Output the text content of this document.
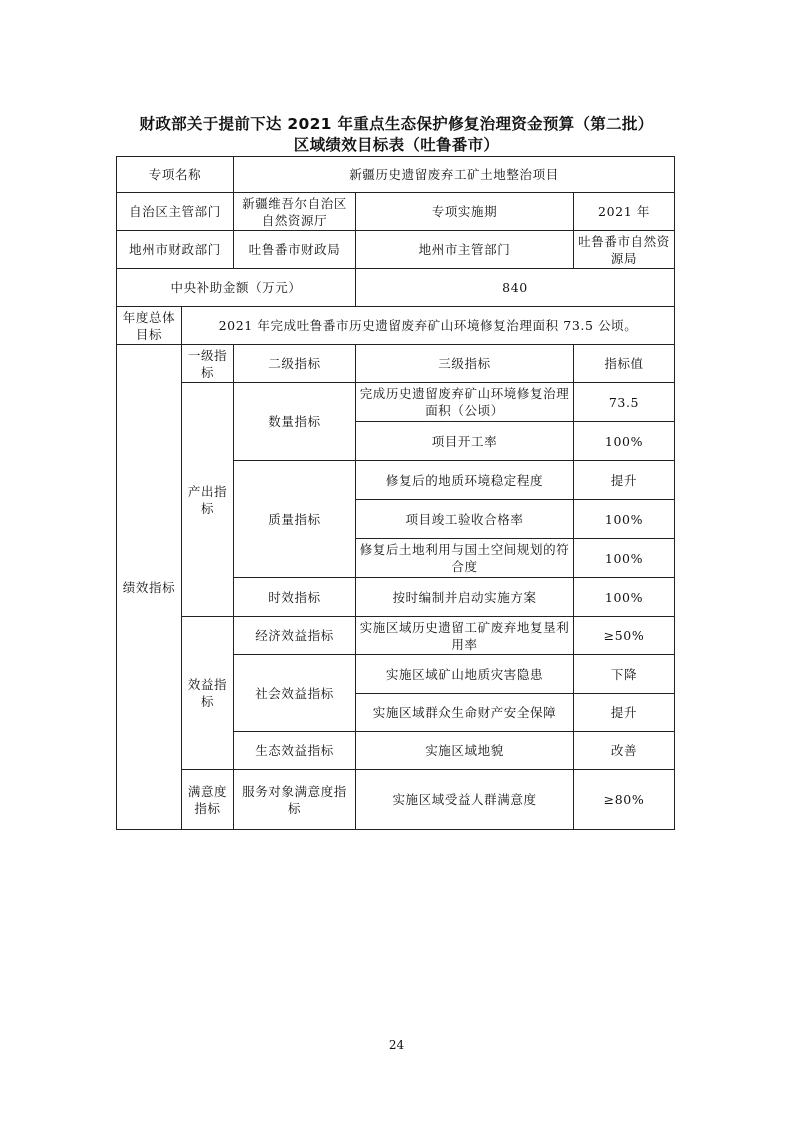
财政部关于提前下达 2021 年重点生态保护修复治理资金预算（第二批）
区域绩效目标表（吐鲁番市）
专项名称		新疆历史遗留废弃工矿土地整治项目		
自治区主管部门		新疆维吾尔自治区自然资源厅	专项实施期	2021 年
地州市财政部门		吐鲁番市财政局	地州市主管部门	吐鲁番市自然资源局
中央补助金额（万元）			840	
年度总体目标	2021 年完成吐鲁番市历史遗留废弃矿山环境修复治理面积 73.5 公顷。			
绩效指标	一级指标	二级指标	三级指标	指标值
	产出指标	数量指标	完成历史遗留废弃矿山环境修复治理面积（公顷）	73.5
			项目开工率	100%
		质量指标	修复后的地质环境稳定程度	提升
			项目竣工验收合格率	100%
			修复后土地利用与国土空间规划的符合度	100%
		时效指标	按时编制并启动实施方案	100%
	效益指标	经济效益指标	实施区域历史遗留工矿废弃地复垦利用率	≥50%
		社会效益指标	实施区域矿山地质灾害隐患	下降
			实施区域群众生命财产安全保障	提升
		生态效益指标	实施区域地貌	改善
	满意度指标	服务对象满意度指标	实施区域受益人群满意度	≥80%
24
